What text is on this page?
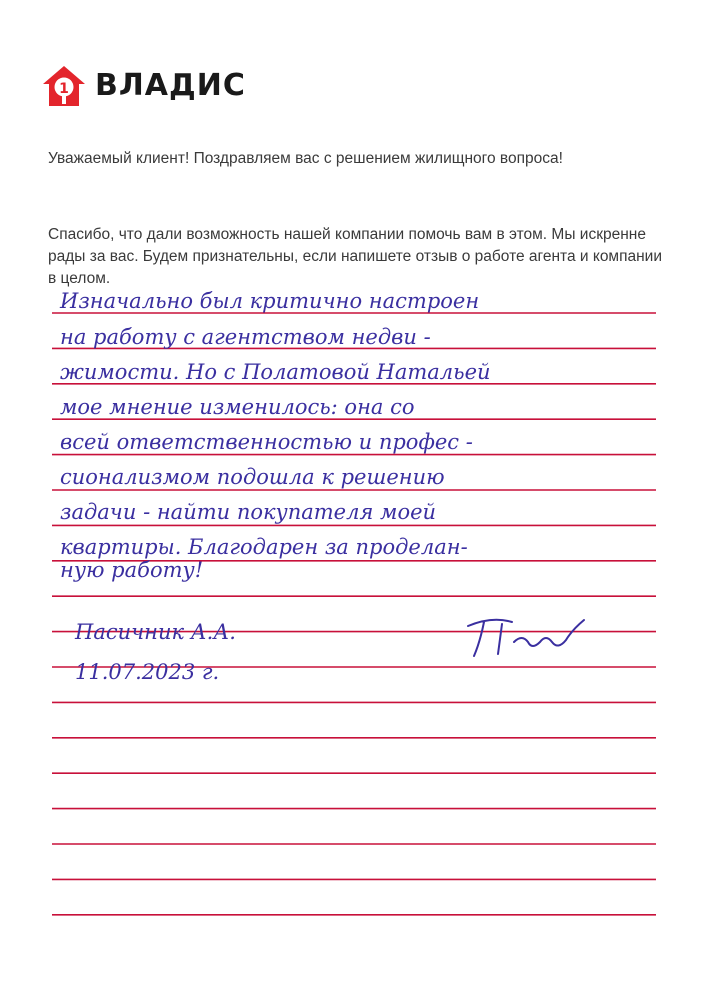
1 ВЛАДИС
Уважаемый клиент! Поздравляем вас с решением жилищного вопроса!
Спасибо, что дали возможность нашей компании помочь вам в этом. Мы искренне рады за вас. Будем признательны, если напишете отзыв о работе агента и компании в целом.
Изначально был критично настроен
на работу с агентством недви -
жимости. Но с Полатовой Натальей
мое мнение изменилось: она со
всей ответственностью и профес -
сионализмом подошла к решению
задачи - найти покупателя моей
квартиры. Благодарен за проделан-
ную работу!
Пасичник А.А.
11.07.2023 г.
